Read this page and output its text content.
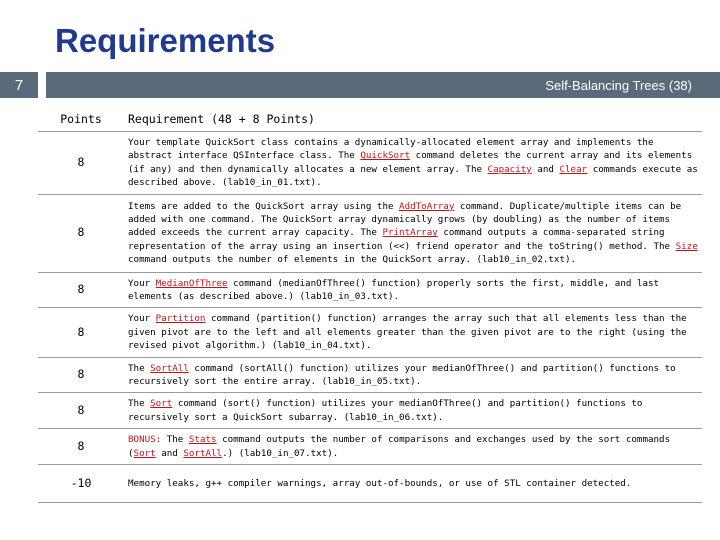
Requirements
7	Self-Balancing Trees (38)
Points	Requirement (48 + 8 Points)
8	Your template QuickSort class contains a dynamically-allocated element array and implements the abstract interface QSInterface class. The QuickSort command deletes the current array and its elements (if any) and then dynamically allocates a new element array. The Capacity and Clear commands execute as described above. (lab10_in_01.txt).
8	Items are added to the QuickSort array using the AddToArray command. Duplicate/multiple items can be added with one command. The QuickSort array dynamically grows (by doubling) as the number of items added exceeds the current array capacity. The PrintArray command outputs a comma-separated string representation of the array using an insertion (<<) friend operator and the toString() method. The Size command outputs the number of elements in the QuickSort array. (lab10_in_02.txt).
8	Your MedianOfThree command (medianOfThree() function) properly sorts the first, middle, and last elements (as described above.) (lab10_in_03.txt).
8	Your Partition command (partition() function) arranges the array such that all elements less than the given pivot are to the left and all elements greater than the given pivot are to the right (using the revised pivot algorithm.) (lab10_in_04.txt).
8	The SortAll command (sortAll() function) utilizes your medianOfThree() and partition() functions to recursively sort the entire array. (lab10_in_05.txt).
8	The Sort command (sort() function) utilizes your medianOfThree() and partition() functions to recursively sort a QuickSort subarray. (lab10_in_06.txt).
8	BONUS: The Stats command outputs the number of comparisons and exchanges used by the sort commands (Sort and SortAll.) (lab10_in_07.txt).
-10	Memory leaks, g++ compiler warnings, array out-of-bounds, or use of STL container detected.
